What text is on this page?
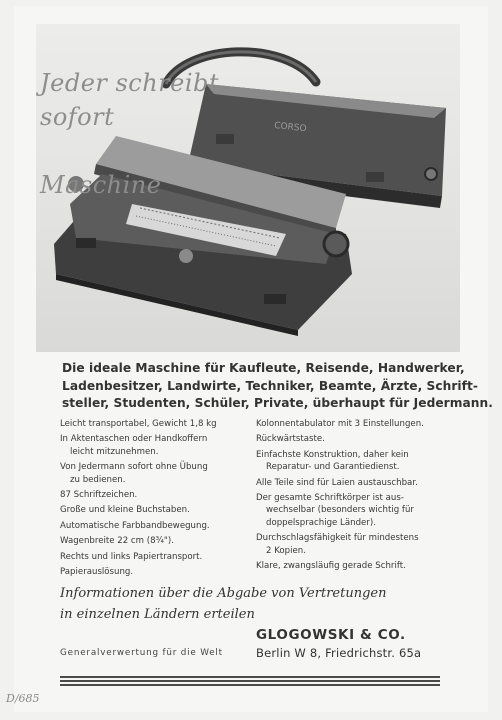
CORSO

Jeder schreibt sofort

Maschine

Die ideale Maschine für Kaufleute, Reisende, Handwerker,
Ladenbesitzer, Landwirte, Techniker, Beamte, Ärzte, Schrift-
steller, Studenten, Schüler, Private, überhaupt für Jedermann.
Leicht transportabel, Gewicht 1,8 kg
In Aktentaschen oder Handkoffern
leicht mitzunehmen.
Von Jedermann sofort ohne Übung
zu bedienen.
87 Schriftzeichen.
Große und kleine Buchstaben.
Automatische Farbbandbewegung.
Wagenbreite 22 cm (8¾").
Rechts und links Papiertransport.
Papierauslösung.
Kolonnentabulator mit 3 Einstellungen.
Rückwärtstaste.
Einfachste Konstruktion, daher kein
Reparatur- und Garantiedienst.
Alle Teile sind für Laien austauschbar.
Der gesamte Schriftkörper ist aus-
wechselbar (besonders wichtig für
doppelsprachige Länder).
Durchschlagsfähigkeit für mindestens
2 Kopien.
Klare, zwangsläufig gerade Schrift.
Informationen über die Abgabe von Vertretungen
in einzelnen Ländern erteilen
GLOGOWSKI & CO.
Generalverwertung für die Welt	Berlin W 8, Friedrichstr. 65a
D/685
